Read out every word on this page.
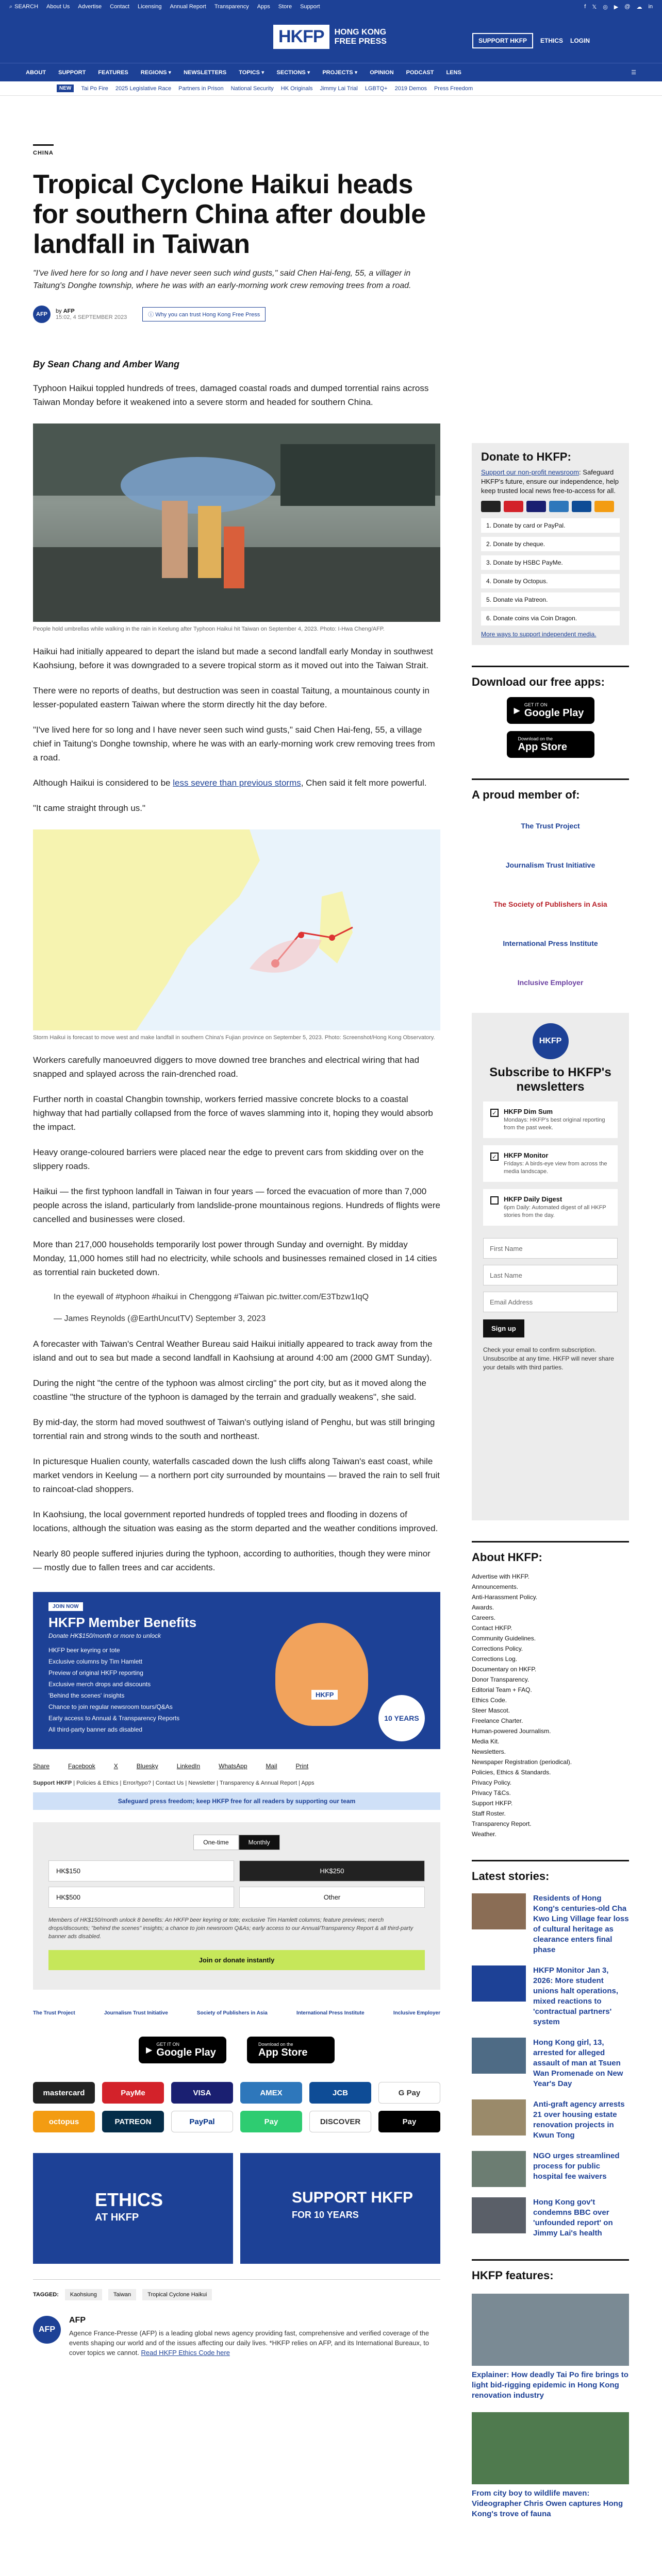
⌕ SEARCH About Us Advertise Contact Licensing Annual Report Transparency Apps Store Support	f 𝕏 ◎ ▶ @ ☁ in
HKFP	HONG KONG
FREE PRESS	SUPPORT HKFP	ETHICS LOGIN
ABOUT SUPPORT FEATURES REGIONS ▾ NEWSLETTERS TOPICS ▾ SECTIONS ▾ PROJECTS ▾ OPINION PODCAST LENS	☰
NEW	Tai Po Fire 2025 Legislative Race Partners in Prison National Security HK Originals Jimmy Lai Trial LGBTQ+ 2019 Demos Press Freedom
CHINA
Tropical Cyclone Haikui heads for southern China after double landfall in Taiwan

"I've lived here for so long and I have never seen such wind gusts," said Chen Hai-feng, 55, a villager in Taitung's Donghe township, where he was with an early-morning work crew removing trees from a road.

AFP	by AFP
15:02, 4 SEPTEMBER 2023	ⓘ Why you can trust Hong Kong Free Press
By Sean Chang and Amber Wang

Typhoon Haikui toppled hundreds of trees, damaged coastal roads and dumped torrential rains across Taiwan Monday before it weakened into a severe storm and headed for southern China.

People hold umbrellas while walking in the rain in Keelung after Typhoon Haikui hit Taiwan on September 4, 2023. Photo: I-Hwa Cheng/AFP.

Haikui had initially appeared to depart the island but made a second landfall early Monday in southwest Kaohsiung, before it was downgraded to a severe tropical storm as it moved out into the Taiwan Strait.

There were no reports of deaths, but destruction was seen in coastal Taitung, a mountainous county in lesser-populated eastern Taiwan where the storm directly hit the day before.

"I've lived here for so long and I have never seen such wind gusts," said Chen Hai-feng, 55, a village chief in Taitung's Donghe township, where he was with an early-morning work crew removing trees from a road.

Although Haikui is considered to be less severe than previous storms, Chen said it felt more powerful.

"It came straight through us."

Storm Haikui is forecast to move west and make landfall in southern China's Fujian province on September 5, 2023. Photo: Screenshot/Hong Kong Observatory.

Workers carefully manoeuvred diggers to move downed tree branches and electrical wiring that had snapped and splayed across the rain-drenched road.

Further north in coastal Changbin township, workers ferried massive concrete blocks to a coastal highway that had partially collapsed from the force of waves slamming into it, hoping they would absorb the impact.

Heavy orange-coloured barriers were placed near the edge to prevent cars from skidding over on the slippery roads.

Haikui — the first typhoon landfall in Taiwan in four years — forced the evacuation of more than 7,000 people across the island, particularly from landslide-prone mountainous regions. Hundreds of flights were cancelled and businesses were closed.

More than 217,000 households temporarily lost power through Sunday and overnight. By midday Monday, 11,000 homes still had no electricity, while schools and businesses remained closed in 14 cities as torrential rain bucketed down.

In the eyewall of #typhoon #haikui in Chenggong #Taiwan pic.twitter.com/E3Tbzw1IqQ

— James Reynolds (@EarthUncutTV) September 3, 2023

A forecaster with Taiwan's Central Weather Bureau said Haikui initially appeared to track away from the island and out to sea but made a second landfall in Kaohsiung at around 4:00 am (2000 GMT Sunday).

During the night "the centre of the typhoon was almost circling" the port city, but as it moved along the coastline "the structure of the typhoon is damaged by the terrain and gradually weakens", she said.

By mid-day, the storm had moved southwest of Taiwan's outlying island of Penghu, but was still bringing torrential rain and strong winds to the south and northeast.

In picturesque Hualien county, waterfalls cascaded down the lush cliffs along Taiwan's east coast, while market vendors in Keelung — a northern port city surrounded by mountains — braved the rain to sell fruit to raincoat-clad shoppers.

In Kaohsiung, the local government reported hundreds of toppled trees and flooding in dozens of locations, although the situation was easing as the storm departed and the weather conditions improved.

Nearly 80 people suffered injuries during the typhoon, according to authorities, though they were minor — mostly due to fallen trees and car accidents.

JOIN NOW
HKFP Member Benefits
Donate HK$150/month or more to unlock
HKFP beer keyring or tote
Exclusive columns by Tim Hamlett
Preview of original HKFP reporting
Exclusive merch drops and discounts
'Behind the scenes' insights
Chance to join regular newsroom tours/Q&As
Early access to Annual & Transparency Reports
All third-party banner ads disabled
HKFP
10 YEARS
Share	Facebook	X	Bluesky	LinkedIn	WhatsApp	Mail	Print
Support HKFP | Policies & Ethics | Error/typo? | Contact Us | Newsletter | Transparency & Annual Report | Apps
Safeguard press freedom; keep HKFP free for all readers by supporting our team
One-time	Monthly
HK$150	HK$250
HK$500	Other

Members of HK$150/month unlock 8 benefits: An HKFP beer keyring or tote; exclusive Tim Hamlett columns; feature previews; merch drops/discounts; "behind the scenes" insights; a chance to join newsroom Q&As; early access to our Annual/Transparency Report & all third-party banner ads disabled.

Join or donate instantly
The Trust Project	Journalism Trust Initiative	Society of Publishers in Asia	International Press Institute	Inclusive Employer
▶
GET IT ON
Google Play
Download on the
App Store
mastercard	PayMe	VISA	AMEX	JCB	G Pay
octopus	PATREON	PayPal	Pay	DISCOVER	Pay
ETHICS
AT HKFP
SUPPORT HKFP
FOR 10 YEARS
TAGGED:	Kaohsiung	Taiwan	Tropical Cyclone Haikui
AFP
AFP

Agence France-Presse (AFP) is a leading global news agency providing fast, comprehensive and verified coverage of the events shaping our world and of the issues affecting our daily lives. *HKFP relies on AFP, and its International Bureaux, to cover topics we cannot. Read HKFP Ethics Code here

Donate to HKFP:

Support our non-profit newsroom: Safeguard HKFP's future, ensure our independence, help keep trusted local news free-to-access for all.

1. Donate by card or PayPal.
2. Donate by cheque.
3. Donate by HSBC PayMe.
4. Donate by Octopus.
5. Donate via Patreon.
6. Donate coins via Coin Dragon.

More ways to support independent media.

Download our free apps:
▶
GET IT ON
Google Play
Download on the
App Store
A proud member of:
The Trust Project
Journalism Trust Initiative
The Society of Publishers in Asia
International Press Institute
Inclusive Employer
HKFP
Subscribe to HKFP's newsletters
✓ HKFP Dim Sum
Mondays: HKFP's best original reporting from the past week.
✓ HKFP Monitor
Fridays: A birds-eye view from across the media landscape.
HKFP Daily Digest
6pm Daily: Automated digest of all HKFP stories from the day.
First Name
Last Name
Email Address
Sign up

Check your email to confirm subscription. Unsubscribe at any time. HKFP will never share your details with third parties.

About HKFP:
Advertise with HKFP.
Announcements.
Anti-Harassment Policy.
Awards.
Careers.
Contact HKFP.
Community Guidelines.
Corrections Policy.
Corrections Log.
Documentary on HKFP.
Donor Transparency.
Editorial Team + FAQ.
Ethics Code.
Steer Mascot.
Freelance Charter.
Human-powered Journalism.
Media Kit.
Newsletters.
Newspaper Registration (periodical).
Policies, Ethics & Standards.
Privacy Policy.
Privacy T&Cs.
Support HKFP.
Staff Roster.
Transparency Report.
Weather.
Latest stories:
Residents of Hong Kong's centuries-old Cha Kwo Ling Village fear loss of cultural heritage as clearance enters final phase
HKFP Monitor Jan 3, 2026: More student unions halt operations, mixed reactions to 'contractual partners' system
Hong Kong girl, 13, arrested for alleged assault of man at Tsuen Wan Promenade on New Year's Day
Anti-graft agency arrests 21 over housing estate renovation projects in Kwun Tong
NGO urges streamlined process for public hospital fee waivers
Hong Kong gov't condemns BBC over 'unfounded report' on Jimmy Lai's health
HKFP features:
Explainer: How deadly Tai Po fire brings to light bid-rigging epidemic in Hong Kong renovation industry
From city boy to wildlife maven: Videographer Chris Owen captures Hong Kong's trove of fauna
